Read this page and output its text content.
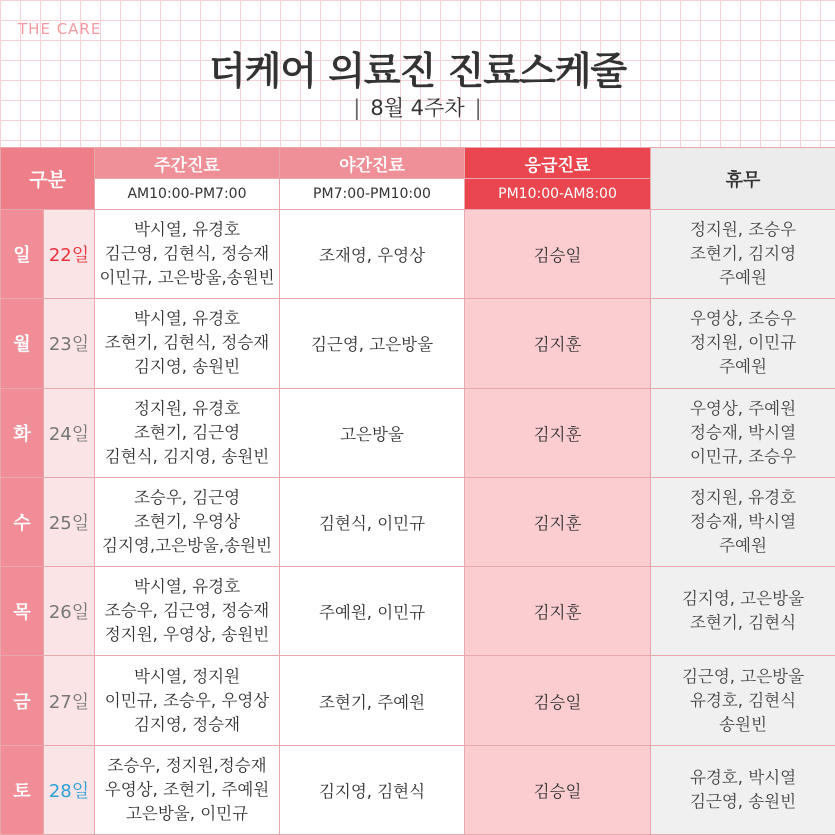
THE CARE
더케어 의료진 진료스케줄
| 8월 4주차 |
구분		주간진료	야간진료	응급진료	휴무
		AM10:00-PM7:00	PM7:00-PM10:00	PM10:00-AM8:00	
일	22일	박시열, 유경호
김근영, 김현식, 정승재
이민규, 고은방울,송원빈	조재영, 우영상	김승일	정지원, 조승우
조현기, 김지영
주예원

월	23일	박시열, 유경호
조현기, 김현식, 정승재
김지영, 송원빈	김근영, 고은방울	김지훈	우영상, 조승우
정지원, 이민규
주예원

화	24일	정지원, 유경호
조현기, 김근영
김현식, 김지영, 송원빈	고은방울	김지훈	우영상, 주예원
정승재, 박시열
이민규, 조승우

수	25일	조승우, 김근영
조현기, 우영상
김지영,고은방울,송원빈	김현식, 이민규	김지훈	정지원, 유경호
정승재, 박시열
주예원

목	26일	박시열, 유경호
조승우, 김근영, 정승재
정지원, 우영상, 송원빈	주예원, 이민규	김지훈	김지영, 고은방울
조현기, 김현식

금	27일	박시열, 정지원
이민규, 조승우, 우영상
김지영, 정승재	조현기, 주예원	김승일	김근영, 고은방울
유경호, 김현식
송원빈

토	28일	조승우, 정지원,정승재
우영상, 조현기, 주예원
고은방울, 이민규	김지영, 김현식	김승일	유경호, 박시열
김근영, 송원빈
